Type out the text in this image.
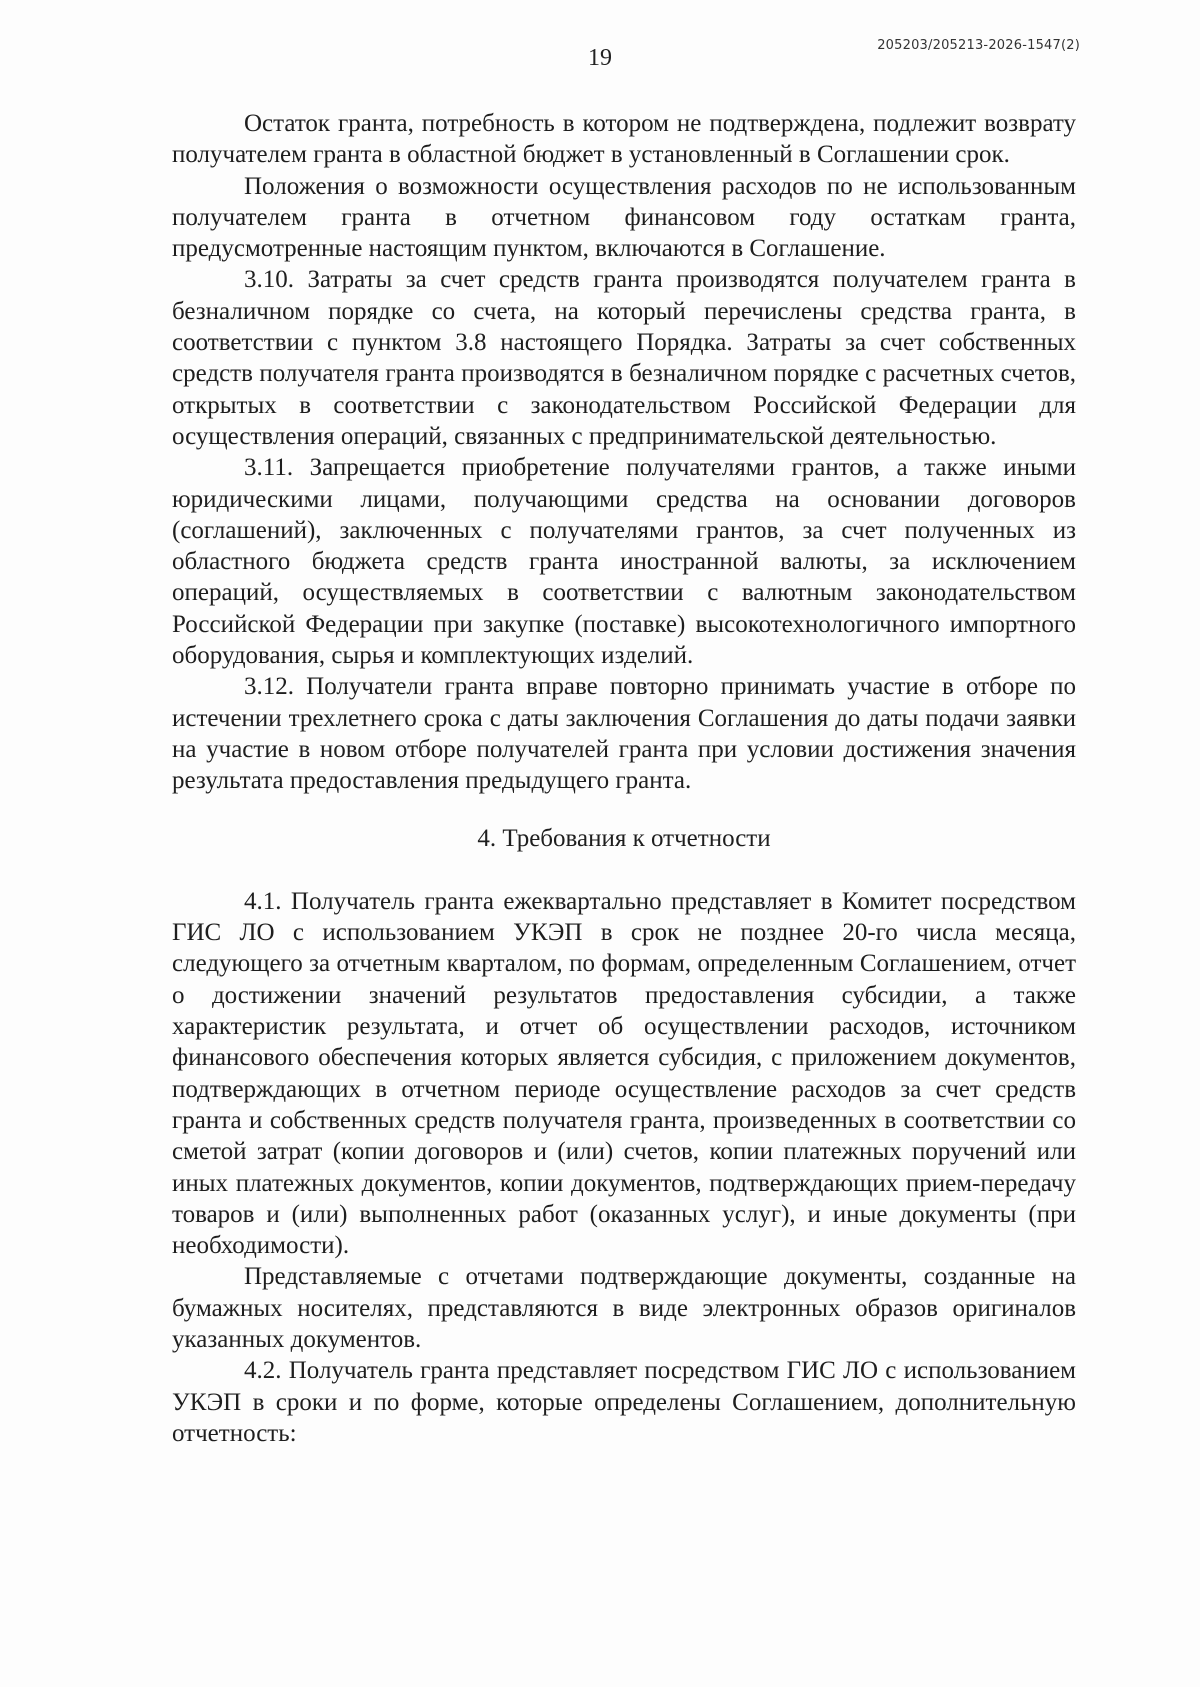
205203/205213-2026-1547(2)
19

Остаток гранта, потребность в котором не подтверждена, подлежит возврату получателем гранта в областной бюджет в установленный в Соглашении срок.

Положения о возможности осуществления расходов по не использованным получателем гранта в отчетном финансовом году остаткам гранта, предусмотренные настоящим пунктом, включаются в Соглашение.

3.10. Затраты за счет средств гранта производятся получателем гранта в безналичном порядке со счета, на который перечислены средства гранта, в соответствии с пунктом 3.8 настоящего Порядка. Затраты за счет собственных средств получателя гранта производятся в безналичном порядке с расчетных счетов, открытых в соответствии с законодательством Российской Федерации для осуществления операций, связанных с предпринимательской деятельностью.

3.11. Запрещается приобретение получателями грантов, а также иными юридическими лицами, получающими средства на основании договоров (соглашений), заключенных с получателями грантов, за счет полученных из областного бюджета средств гранта иностранной валюты, за исключением операций, осуществляемых в соответствии с валютным законодательством Российской Федерации при закупке (поставке) высокотехнологичного импортного оборудования, сырья и комплектующих изделий.

3.12. Получатели гранта вправе повторно принимать участие в отборе по истечении трехлетнего срока с даты заключения Соглашения до даты подачи заявки на участие в новом отборе получателей гранта при условии достижения значения результата предоставления предыдущего гранта.

4. Требования к отчетности

4.1. Получатель гранта ежеквартально представляет в Комитет посредством ГИС ЛО с использованием УКЭП в срок не позднее 20-го числа месяца, следующего за отчетным кварталом, по формам, определенным Соглашением, отчет о достижении значений результатов предоставления субсидии, а также характеристик результата, и отчет об осуществлении расходов, источником финансового обеспечения которых является субсидия, с приложением документов, подтверждающих в отчетном периоде осуществление расходов за счет средств гранта и собственных средств получателя гранта, произведенных в соответствии со сметой затрат (копии договоров и (или) счетов, копии платежных поручений или иных платежных документов, копии документов, подтверждающих прием-передачу товаров и (или) выполненных работ (оказанных услуг), и иные документы (при необходимости).

Представляемые с отчетами подтверждающие документы, созданные на бумажных носителях, представляются в виде электронных образов оригиналов указанных документов.

4.2. Получатель гранта представляет посредством ГИС ЛО с использованием УКЭП в сроки и по форме, которые определены Соглашением, дополнительную отчетность:
